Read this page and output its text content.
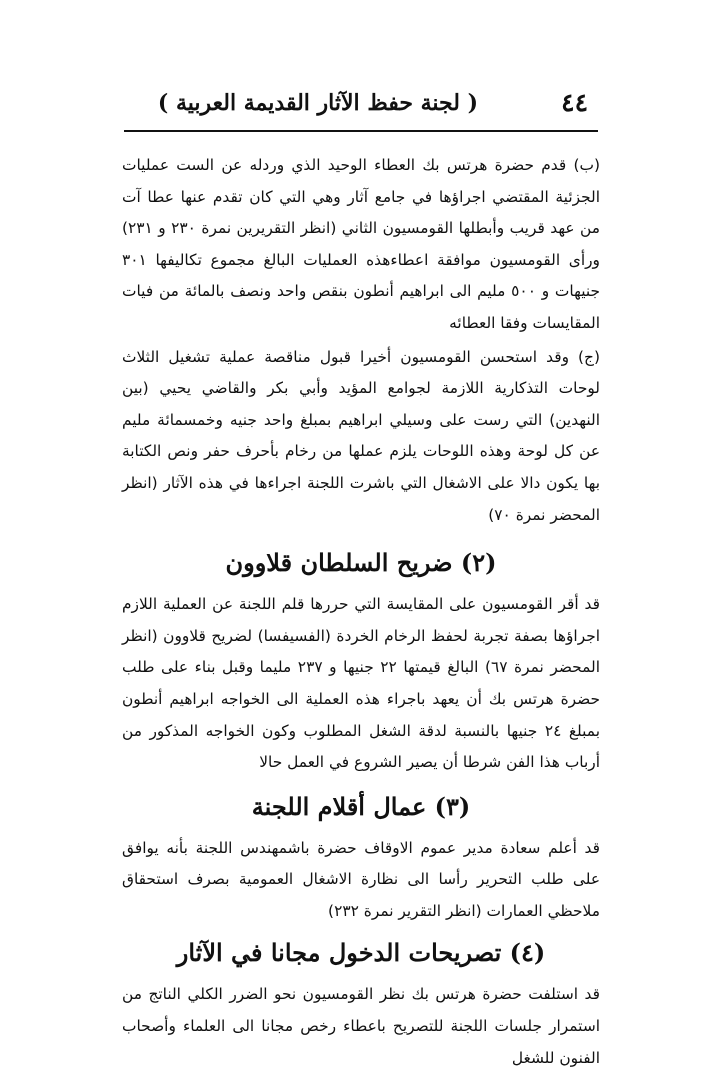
٤٤
( لجنة حفظ الآثار القديمة العربية )

(ب) قدم حضرة هرتس بك العطاء الوحيد الذي وردله عن الست عمليات الجزئية المقتضي اجراؤها في جامع آثار وهي التي كان تقدم عنها عطا آت من عهد قريب وأبطلها القومسيون الثاني (انظر التقريرين نمرة ٢٣٠ و ٢٣١) ورأى القومسيون موافقة اعطاءهذه العمليات البالغ مجموع تكاليفها ٣٠١ جنيهات و ٥٠٠ مليم الى ابراهيم أنطون بنقص واحد ونصف بالمائة من فيات المقايسات وفقا العطائه

(ج) وقد استحسن القومسيون أخيرا قبول مناقصة عملية تشغيل الثلاث لوحات التذكارية اللازمة لجوامع المؤيد وأبي بكر والقاضي يحيي (بين النهدين) التي رست على وسيلي ابراهيم بمبلغ واحد جنيه وخمسمائة مليم عن كل لوحة وهذه اللوحات يلزم عملها من رخام بأحرف حفر ونص الكتابة بها يكون دالا على الاشغال التي باشرت اللجنة اجراءها في هذه الآثار (انظر المحضر نمرة ٧٠)

(٢) ضريح السلطان قلاوون

قد أقر القومسيون على المقايسة التي حررها قلم اللجنة عن العملية اللازم اجراؤها بصفة تجربة لحفظ الرخام الخردة (الفسيفسا) لضريح قلاوون (انظر المحضر نمرة ٦٧) البالغ قيمتها ٢٢ جنيها و ٢٣٧ مليما وقبل بناء على طلب حضرة هرتس بك أن يعهد باجراء هذه العملية الى الخواجه ابراهيم أنطون بمبلغ ٢٤ جنيها بالنسبة لدقة الشغل المطلوب وكون الخواجه المذكور من أرباب هذا الفن شرطا أن يصير الشروع في العمل حالا

(٣) عمال أقلام اللجنة

قد أعلم سعادة مدير عموم الاوقاف حضرة باشمهندس اللجنة بأنه يوافق على طلب التحرير رأسا الى نظارة الاشغال العمومية بصرف استحقاق ملاحظي العمارات (انظر التقرير نمرة ٢٣٢)

(٤) تصريحات الدخول مجانا في الآثار

قد استلفت حضرة هرتس بك نظر القومسيون نحو الضرر الكلي الناتج من استمرار جلسات اللجنة للتصريح باعطاء رخص مجانا الى العلماء وأصحاب الفنون للشغل
